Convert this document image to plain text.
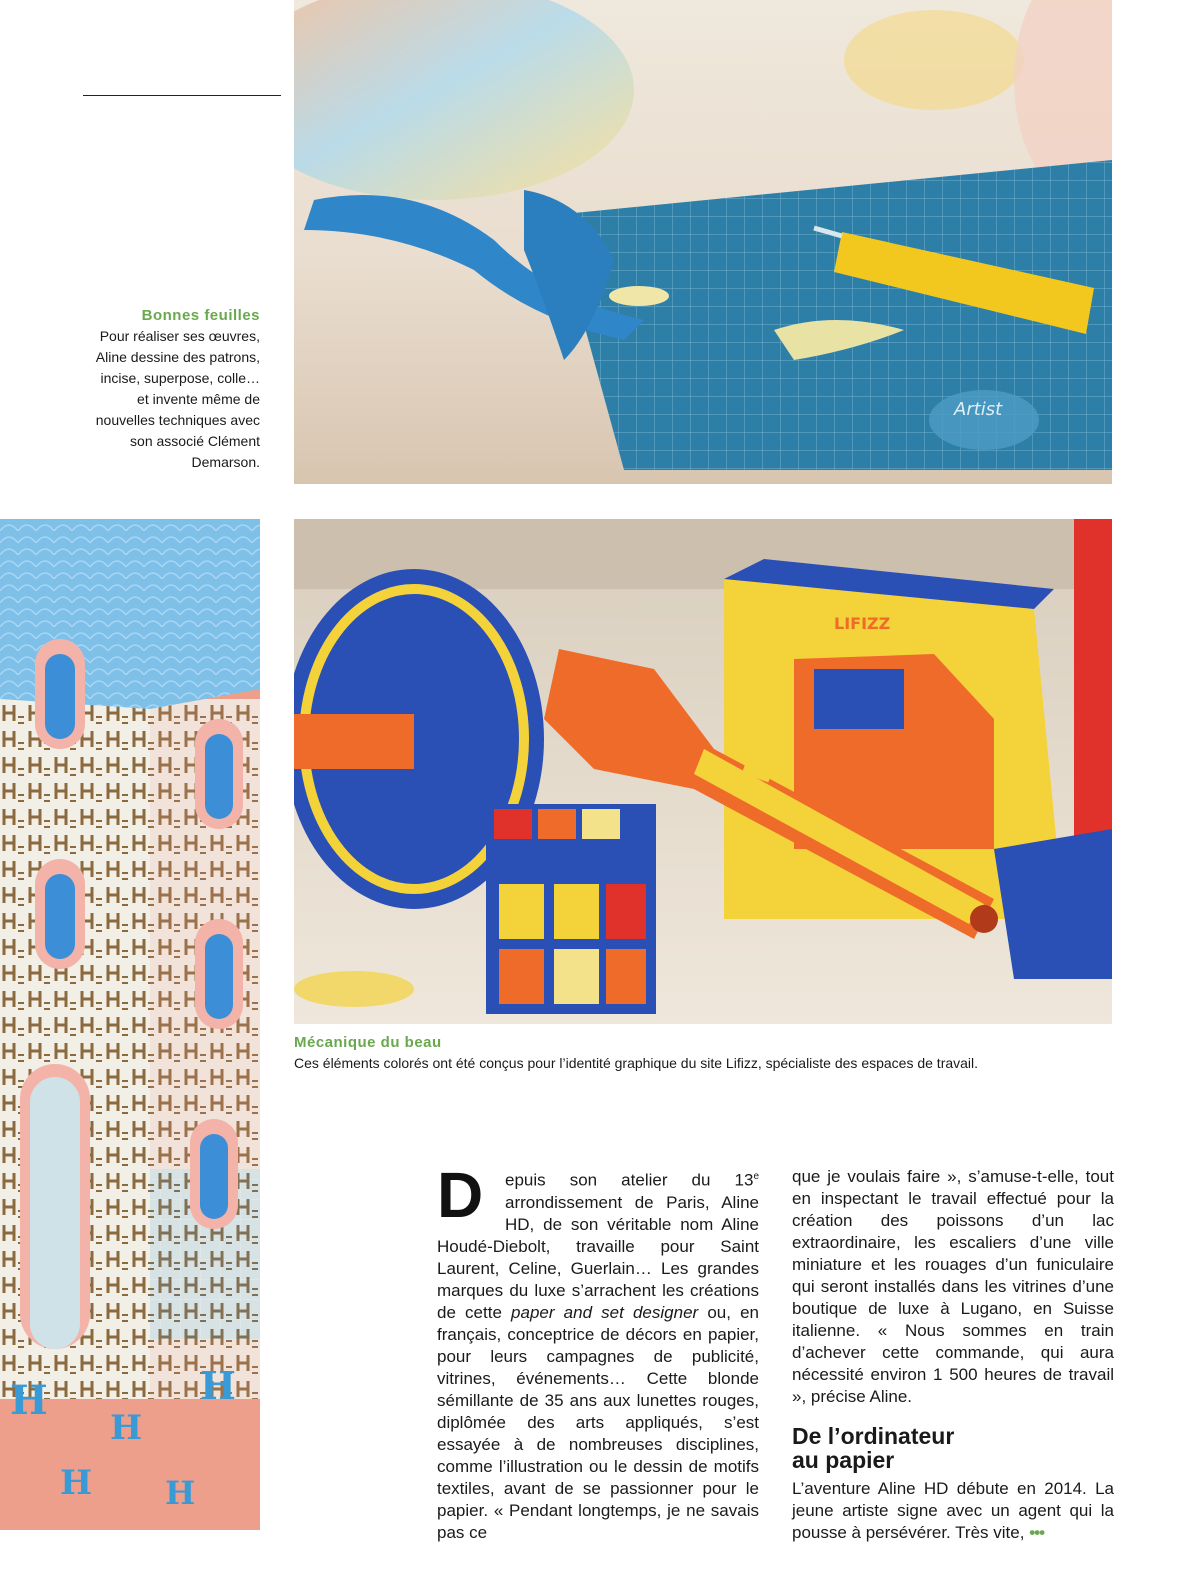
Artist
Bonnes feuilles
Pour réaliser ses œuvres, Aline dessine des patrons, incise, superpose, colle… et invente même de nouvelles techniques avec son associé Clément Demarson.
H
H
H
H H
LIFIZZ
Mécanique du beau
Ces éléments colorés ont été conçus pour l’identité graphique du site Lifizz, spécialiste des espaces de travail.
D	epuis son atelier du 13e arrondissement de Paris, Aline HD, de son véritable nom Aline Houdé-Diebolt, travaille pour Saint Laurent, Celine, Guerlain… Les grandes marques du luxe s’arrachent les créations de cette paper and set designer ou, en français, conceptrice de décors en papier, pour leurs campagnes de publicité, vitrines, événements… Cette blonde sémillante de 35 ans aux lunettes rouges, diplômée des arts appliqués, s’est essayée à de nombreuses disciplines, comme l’illustration ou le dessin de motifs textiles, avant de se passionner pour le papier. « Pendant longtemps, je ne savais pas ce

que je voulais faire », s’amuse-t-elle, tout en inspectant le travail effectué pour la création des poissons d’un lac extraordinaire, les escaliers d’une ville miniature et les rouages d’un funiculaire qui seront installés dans les vitrines d’une boutique de luxe à Lugano, en Suisse italienne. « Nous sommes en train d’achever cette commande, qui aura nécessité environ 1 500 heures de travail », précise Aline.

De l’ordinateur
au papier

L’aventure Aline HD débute en 2014. La jeune artiste signe avec un agent qui la pousse à persévérer. Très vite, •••
